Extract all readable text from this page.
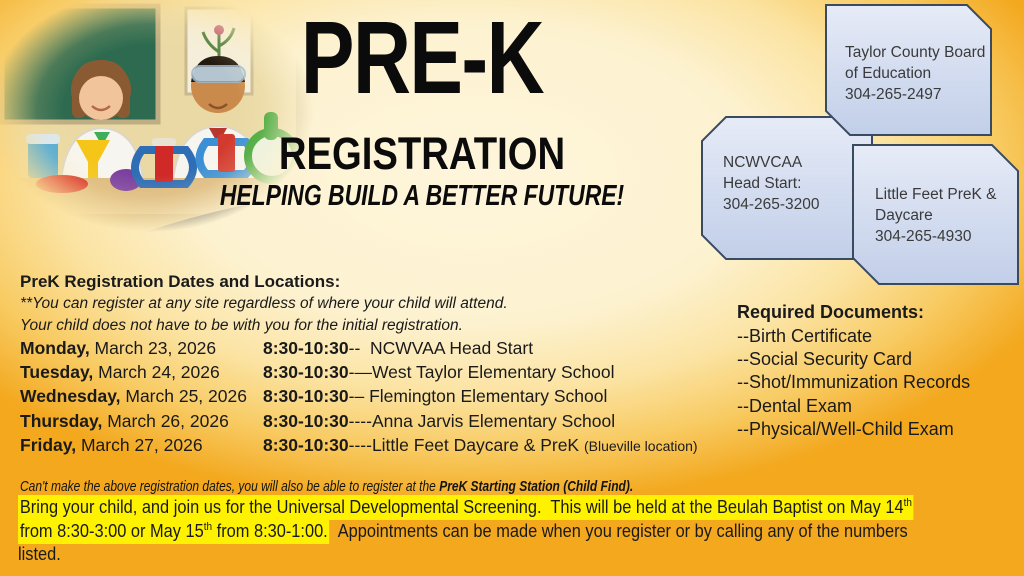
PRE-K
REGISTRATION
HELPING BUILD A BETTER FUTURE!
Taylor County Board
of Education
304-265-2497
NCWVCAA
Head Start:
304-265-3200
Little Feet PreK &
Daycare
304-265-4930
PreK Registration Dates and Locations:
**You can register at any site regardless of where your child will attend.
Your child does not have to be with you for the initial registration.
Monday, March 23, 2026	8:30-10:30--  NCWVAA Head Start
Tuesday, March 24, 2026 8:30-10:30-—West Taylor Elementary School
Wednesday, March 25, 2026 8:30-10:30-– Flemington Elementary School
Thursday, March 26, 2026 8:30-10:30----Anna Jarvis Elementary School
Friday, March 27, 2026	8:30-10:30----Little Feet Daycare & PreK (Blueville location)
Can't make the above registration dates, you will also be able to register at the PreK Starting Station (Child Find).
Required Documents:
--Birth Certificate
--Social Security Card
--Shot/Immunization Records
--Dental Exam
--Physical/Well-Child Exam
Bring your child, and join us for the Universal Developmental Screening.  This will be held at the Beulah Baptist on May 14th
from 8:30-3:00 or May 15th from 8:30-1:00.  Appointments can be made when you register or by calling any of the numbers
listed.
